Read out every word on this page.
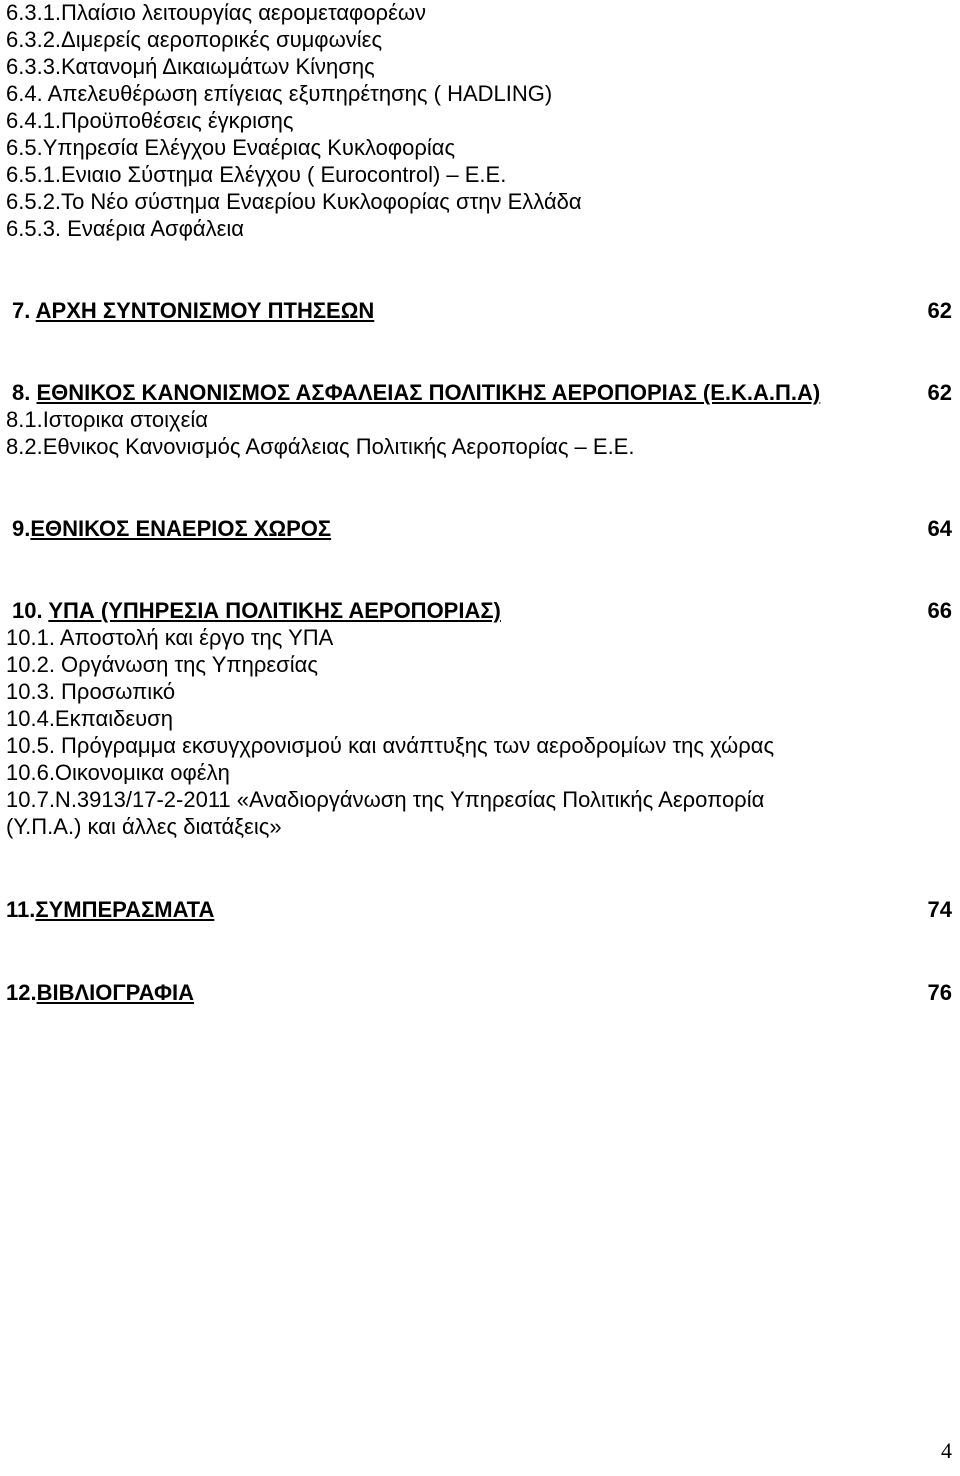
6.3.1.Πλαίσιο λειτουργίας αερομεταφορέων
6.3.2.Διμερείς αεροπορικές συμφωνίες
6.3.3.Κατανομή Δικαιωμάτων Κίνησης
6.4. Απελευθέρωση επίγειας εξυπηρέτησης ( HADLING)
6.4.1.Προϋποθέσεις έγκρισης
6.5.Υπηρεσία Ελέγχου Εναέριας Κυκλοφορίας
6.5.1.Ενιαιο Σύστημα Ελέγχου ( Eurocontrol) – Ε.Ε.
6.5.2.Το Νέο σύστημα Εναερίου Κυκλοφορίας στην Ελλάδα
6.5.3. Εναέρια Ασφάλεια
7. ΑΡΧΗ ΣΥΝΤΟΝΙΣΜΟΥ ΠΤΗΣΕΩΝ	62
8. ΕΘΝΙΚΟΣ ΚΑΝΟΝΙΣΜΟΣ ΑΣΦΑΛΕΙΑΣ ΠΟΛΙΤΙΚΗΣ ΑΕΡΟΠΟΡΙΑΣ (Ε.Κ.Α.Π.Α)	62
8.1.Ιστορικα στοιχεία
8.2.Εθνικος Κανονισμός Ασφάλειας Πολιτικής Αεροπορίας – Ε.Ε.
9.ΕΘΝΙΚΟΣ ΕΝΑΕΡΙΟΣ ΧΩΡΟΣ	64
10. ΥΠΑ (ΥΠΗΡΕΣΙΑ ΠΟΛΙΤΙΚΗΣ ΑΕΡΟΠΟΡΙΑΣ)	66
10.1. Αποστολή και έργο της ΥΠΑ
10.2. Οργάνωση της Υπηρεσίας
10.3. Προσωπικό
10.4.Εκπαιδευση
10.5. Πρόγραμμα εκσυγχρονισμού και ανάπτυξης των αεροδρομίων της χώρας
10.6.Οικονομικα οφέλη
10.7.Ν.3913/17-2-2011 «Αναδιοργάνωση της Υπηρεσίας Πολιτικής Αεροπορία
(Υ.Π.Α.) και άλλες διατάξεις»
11.ΣΥΜΠΕΡΑΣΜΑΤΑ	74
12.ΒΙΒΛΙΟΓΡΑΦΙΑ	76
4
